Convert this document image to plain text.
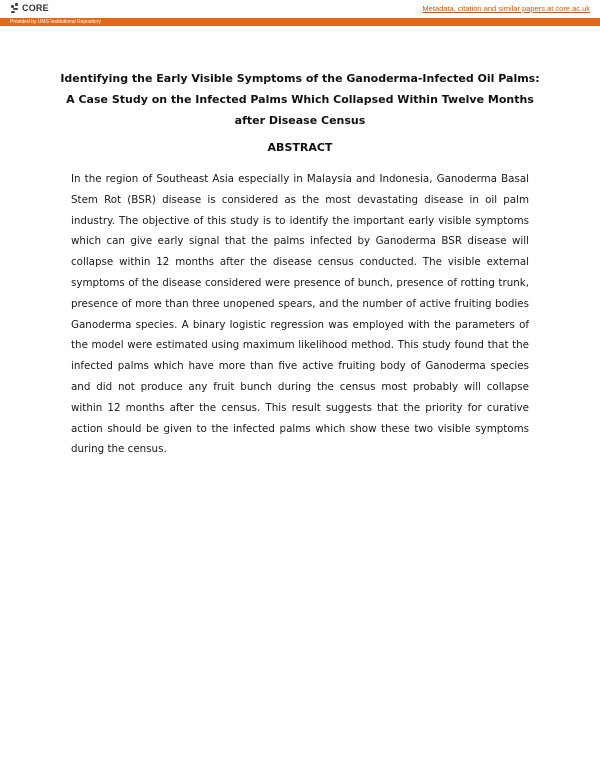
CORE	Metadata, citation and similar papers at core.ac.uk
Provided by UMS Institutional Repository
Identifying the Early Visible Symptoms of the Ganoderma-Infected Oil Palms: A Case Study on the Infected Palms Which Collapsed Within Twelve Months after Disease Census
ABSTRACT

In the region of Southeast Asia especially in Malaysia and Indonesia, Ganoderma Basal Stem Rot (BSR) disease is considered as the most devastating disease in oil palm industry. The objective of this study is to identify the important early visible symptoms which can give early signal that the palms infected by Ganoderma BSR disease will collapse within 12 months after the disease census conducted. The visible external symptoms of the disease considered were presence of bunch, presence of rotting trunk, presence of more than three unopened spears, and the number of active fruiting bodies Ganoderma species. A binary logistic regression was employed with the parameters of the model were estimated using maximum likelihood method. This study found that the infected palms which have more than five active fruiting body of Ganoderma species and did not produce any fruit bunch during the census most probably will collapse within 12 months after the census. This result suggests that the priority for curative action should be given to the infected palms which show these two visible symptoms during the census.
